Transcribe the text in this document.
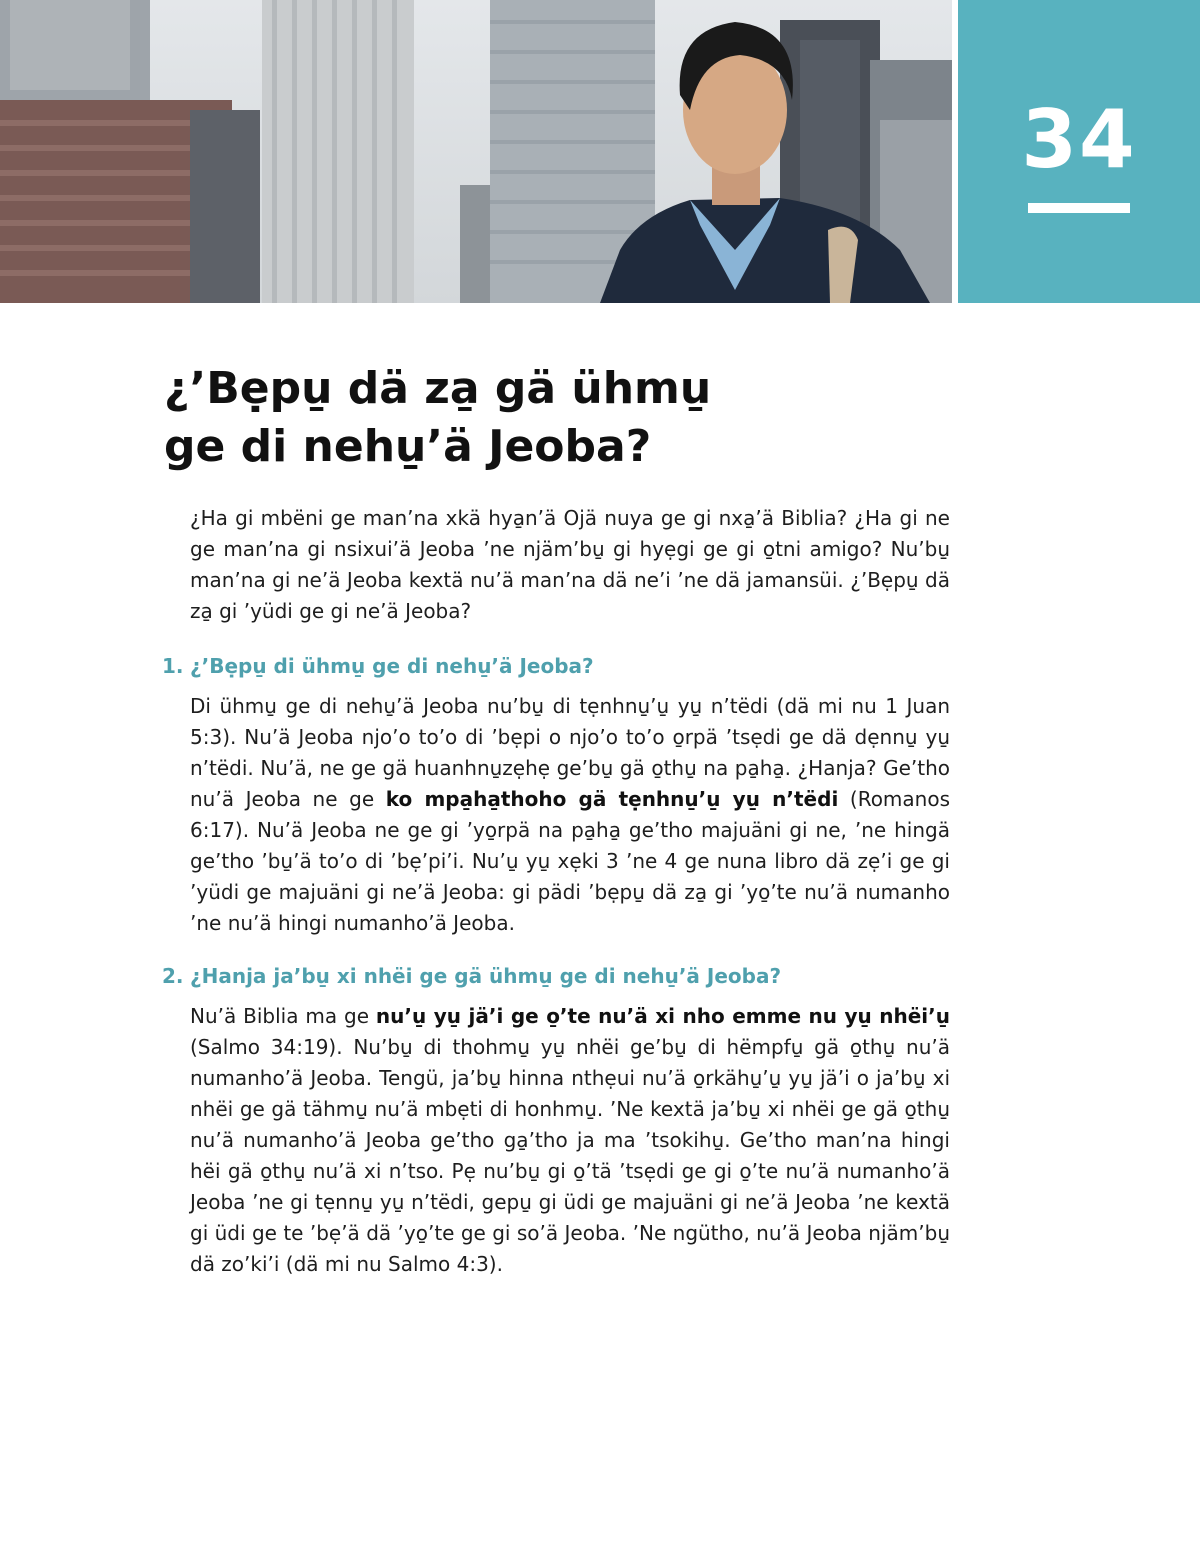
34
¿’Bẹpu̱ dä za̱ gä ühmu̱
ge di nehu̱’ä Jeoba?

¿Ha gi mbëni ge man’na xkä hya̱n’ä Ojä nuya ge gi nxa̱’ä Biblia? ¿Ha gi ne ge man’na gi nsixui’ä Jeoba ’ne njäm’bu̱ gi hyẹgi ge gi o̱tni amigo? Nu’bu̱ man’na gi ne’ä Jeoba kextä nu’ä man’na dä ne’i ’ne dä jamansüi. ¿’Bẹpu̱ dä za̱ gi ’yüdi ge gi ne’ä Jeoba?

1. ¿’Bẹpu̱ di ühmu̱ ge di nehu̱’ä Jeoba?

Di ühmu̱ ge di nehu̱’ä Jeoba nu’bu̱ di tẹnhnu̱’u̱ yu̱ n’tëdi (dä mi nu 1 Juan 5:3). Nu’ä Jeoba njo’o to’o di ’bẹpi o njo’o to’o o̱rpä ’tsẹdi ge dä dẹnnu̱ yu̱ n’tëdi. Nu’ä, ne ge gä huanhnu̱zẹhẹ ge’bu̱ gä o̱thu̱ na pa̱ha̱. ¿Hanja? Ge’tho nu’ä Jeoba ne ge ko mpa̱ha̱thoho gä tẹnhnu̱’u̱ yu̱ n’tëdi (Romanos 6:17). Nu’ä Jeoba ne ge gi ’yo̱rpä na pa̱ha̱ ge’tho majuäni gi ne, ’ne hingä ge’tho ’bu̱’ä to’o di ’bẹ’pi’i. Nu’u̱ yu̱ xẹki 3 ’ne 4 ge nuna libro dä zẹ’i ge gi ’yüdi ge majuäni gi ne’ä Jeoba: gi pädi ’bẹpu̱ dä za̱ gi ’yo̱’te nu’ä numanho ’ne nu’ä hingi numanho’ä Jeoba.

2. ¿Hanja ja’bu̱ xi nhëi ge gä ühmu̱ ge di nehu̱’ä Jeoba?

Nu’ä Biblia ma ge nu’u̱ yu̱ jä’i ge o̱’te nu’ä xi nho emme nu yu̱ nhëi’u̱ (Salmo 34:19). Nu’bu̱ di thohmu̱ yu̱ nhëi ge’bu̱ di hëmpfu̱ gä o̱thu̱ nu’ä numanho’ä Jeoba. Tengü, ja’bu̱ hinna nthẹui nu’ä o̱rkähu̱’u̱ yu̱ jä’i o ja’bu̱ xi nhëi ge gä tähmu̱ nu’ä mbẹti di honhmu̱. ’Ne kextä ja’bu̱ xi nhëi ge gä o̱thu̱ nu’ä numanho’ä Jeoba ge’tho ga̱’tho ja ma ’tsokihu̱. Ge’tho man’na hingi hëi gä o̱thu̱ nu’ä xi n’tso. Pẹ nu’bu̱ gi o̱’tä ’tsẹdi ge gi o̱’te nu’ä numanho’ä Jeoba ’ne gi tẹnnu̱ yu̱ n’tëdi, gepu̱ gi üdi ge majuäni gi ne’ä Jeoba ’ne kextä gi üdi ge te ’bẹ’ä dä ’yo̱’te ge gi so’ä Jeoba. ’Ne ngütho, nu’ä Jeoba njäm’bu̱ dä zo’ki’i (dä mi nu Salmo 4:3).
